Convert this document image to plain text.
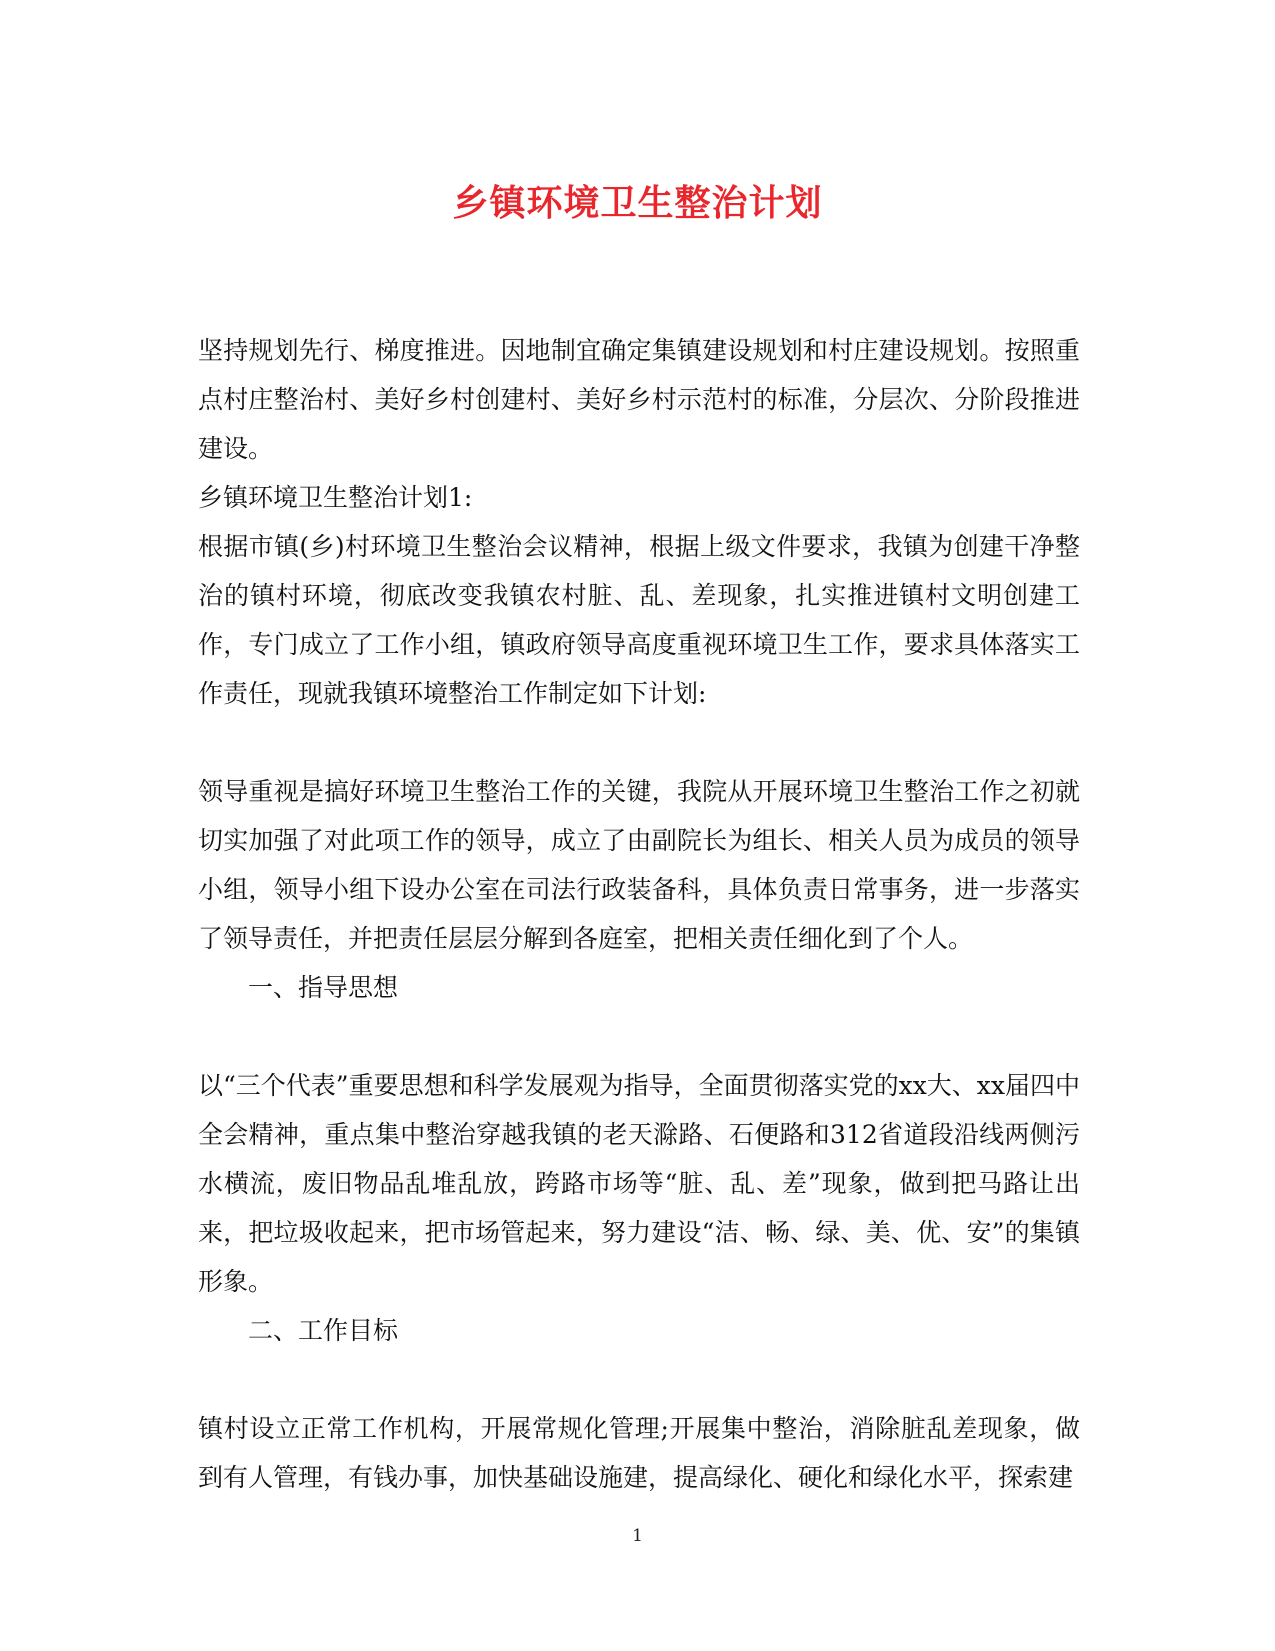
乡镇环境卫生整治计划

坚持规划先行、梯度推进。因地制宜确定集镇建设规划和村庄建设规划。按照重点村庄整治村、美好乡村创建村、美好乡村示范村的标准，分层次、分阶段推进建设。

乡镇环境卫生整治计划1:

根据市镇(乡)村环境卫生整治会议精神，根据上级文件要求，我镇为创建干净整治的镇村环境，彻底改变我镇农村脏、乱、差现象，扎实推进镇村文明创建工作，专门成立了工作小组，镇政府领导高度重视环境卫生工作，要求具体落实工作责任，现就我镇环境整治工作制定如下计划:

领导重视是搞好环境卫生整治工作的关键，我院从开展环境卫生整治工作之初就切实加强了对此项工作的领导，成立了由副院长为组长、相关人员为成员的领导小组，领导小组下设办公室在司法行政装备科，具体负责日常事务，进一步落实了领导责任，并把责任层层分解到各庭室，把相关责任细化到了个人。

一、指导思想

以“三个代表”重要思想和科学发展观为指导，全面贯彻落实党的xx大、xx届四中全会精神，重点集中整治穿越我镇的老天滁路、石便路和312省道段沿线两侧污水横流，废旧物品乱堆乱放，跨路市场等“脏、乱、差”现象，做到把马路让出来，把垃圾收起来，把市场管起来，努力建设“洁、畅、绿、美、优、安”的集镇形象。

二、工作目标

镇村设立正常工作机构，开展常规化管理;开展集中整治，消除脏乱差现象，做到有人管理，有钱办事，加快基础设施建，提高绿化、硬化和绿化水平，探索建

1
